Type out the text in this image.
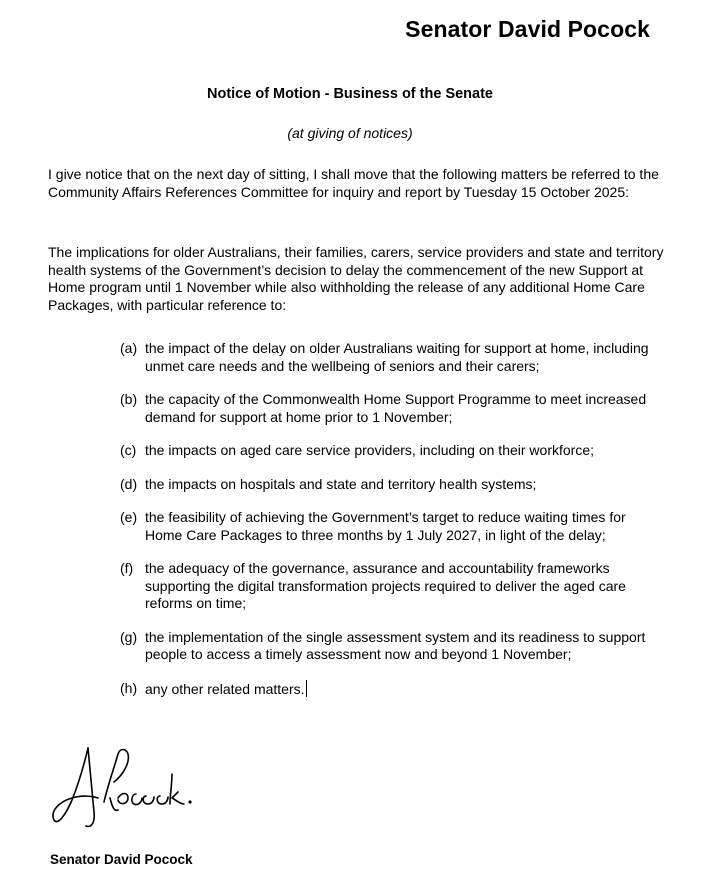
Senator David Pocock
Notice of Motion - Business of the Senate
(at giving of notices)

I give notice that on the next day of sitting, I shall move that the following matters be referred to the Community Affairs References Committee for inquiry and report by Tuesday 15 October 2025:

The implications for older Australians, their families, carers, service providers and state and territory health systems of the Government’s decision to delay the commencement of the new Support at Home program until 1 November while also withholding the release of any additional Home Care Packages, with particular reference to:

(a) the impact of the delay on older Australians waiting for support at home, including unmet care needs and the wellbeing of seniors and their carers;
(b) the capacity of the Commonwealth Home Support Programme to meet increased demand for support at home prior to 1 November;
(c) the impacts on aged care service providers, including on their workforce;
(d) the impacts on hospitals and state and territory health systems;
(e) the feasibility of achieving the Government’s target to reduce waiting times for Home Care Packages to three months by 1 July 2027, in light of the delay;
(f) the adequacy of the governance, assurance and accountability frameworks supporting the digital transformation projects required to deliver the aged care reforms on time;
(g) the implementation of the single assessment system and its readiness to support people to access a timely assessment now and beyond 1 November;
(h) any other related matters.
Senator David Pocock
